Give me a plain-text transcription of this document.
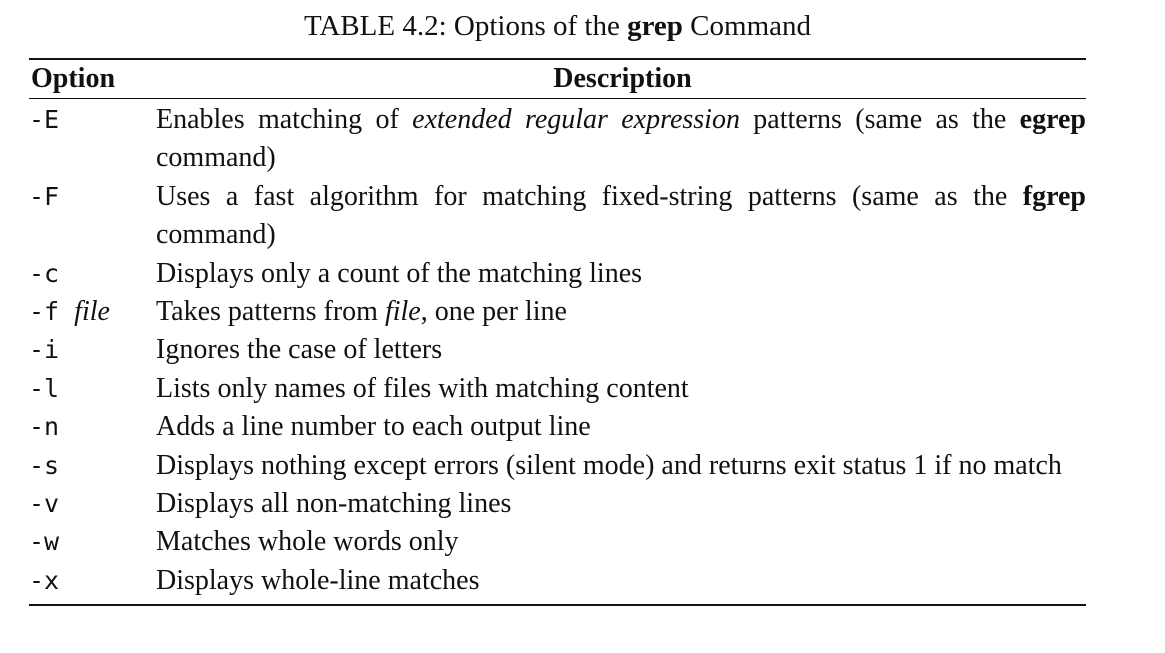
TABLE 4.2: Options of the grep Command
Option	Description
-E	Enables matching of extended regular expression patterns (same as the egrep command)
-F	Uses a fast algorithm for matching fixed-string patterns (same as the fgrep command)
-c	Displays only a count of the matching lines
-f file	Takes patterns from file, one per line
-i	Ignores the case of letters
-l	Lists only names of files with matching content
-n	Adds a line number to each output line
-s	Displays nothing except errors (silent mode) and returns exit status 1 if no match
-v	Displays all non-matching lines
-w	Matches whole words only
-x	Displays whole-line matches
